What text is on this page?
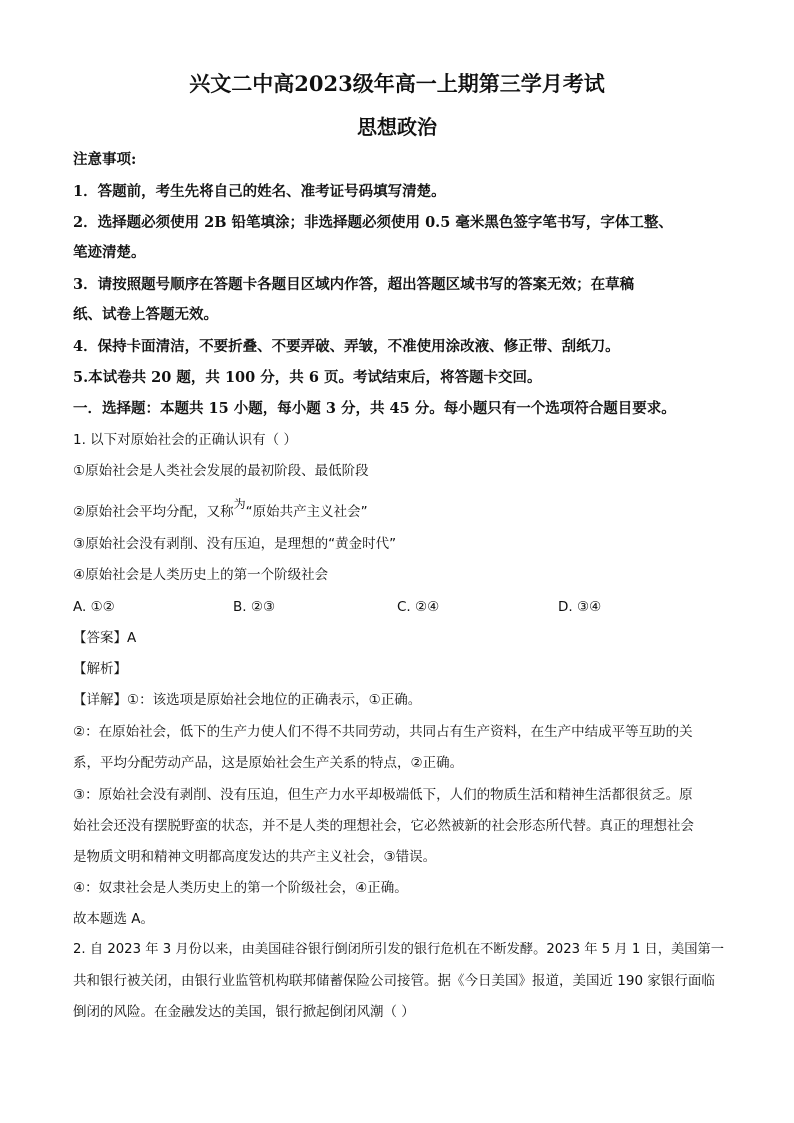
兴文二中高2023级年高一上期第三学月考试
思想政治
注意事项:
1．答题前，考生先将自己的姓名、准考证号码填写清楚。
2．选择题必须使用 2B 铅笔填涂；非选择题必须使用 0.5 毫米黑色签字笔书写，字体工整、
笔迹清楚。
3．请按照题号顺序在答题卡各题目区域内作答，超出答题区域书写的答案无效；在草稿
纸、试卷上答题无效。
4．保持卡面清洁，不要折叠、不要弄破、弄皱，不准使用涂改液、修正带、刮纸刀。
5.本试卷共 20 题，共 100 分，共 6 页。考试结束后，将答题卡交回。
一．选择题：本题共 15 小题，每小题 3 分，共 45 分。每小题只有一个选项符合题目要求。
1. 以下对原始社会的正确认识有（ ）
①原始社会是人类社会发展的最初阶段、最低阶段
②原始社会平均分配，又称为“原始共产主义社会”
③原始社会没有剥削、没有压迫，是理想的“黄金时代”
④原始社会是人类历史上的第一个阶级社会
A. ①②	B. ②③	C. ②④	D. ③④
【答案】A
【解析】
【详解】①：该选项是原始社会地位的正确表示，①正确。
②：在原始社会，低下的生产力使人们不得不共同劳动，共同占有生产资料，在生产中结成平等互助的关
系，平均分配劳动产品，这是原始社会生产关系的特点，②正确。
③：原始社会没有剥削、没有压迫，但生产力水平却极端低下，人们的物质生活和精神生活都很贫乏。原
始社会还没有摆脱野蛮的状态，并不是人类的理想社会，它必然被新的社会形态所代替。真正的理想社会
是物质文明和精神文明都高度发达的共产主义社会，③错误。
④：奴隶社会是人类历史上的第一个阶级社会，④正确。
故本题选 A。
2. 自 2023 年 3 月份以来，由美国硅谷银行倒闭所引发的银行危机在不断发酵。2023 年 5 月 1 日，美国第一
共和银行被关闭，由银行业监管机构联邦储蓄保险公司接管。据《今日美国》报道，美国近 190 家银行面临
倒闭的风险。在金融发达的美国，银行掀起倒闭风潮（ ）
